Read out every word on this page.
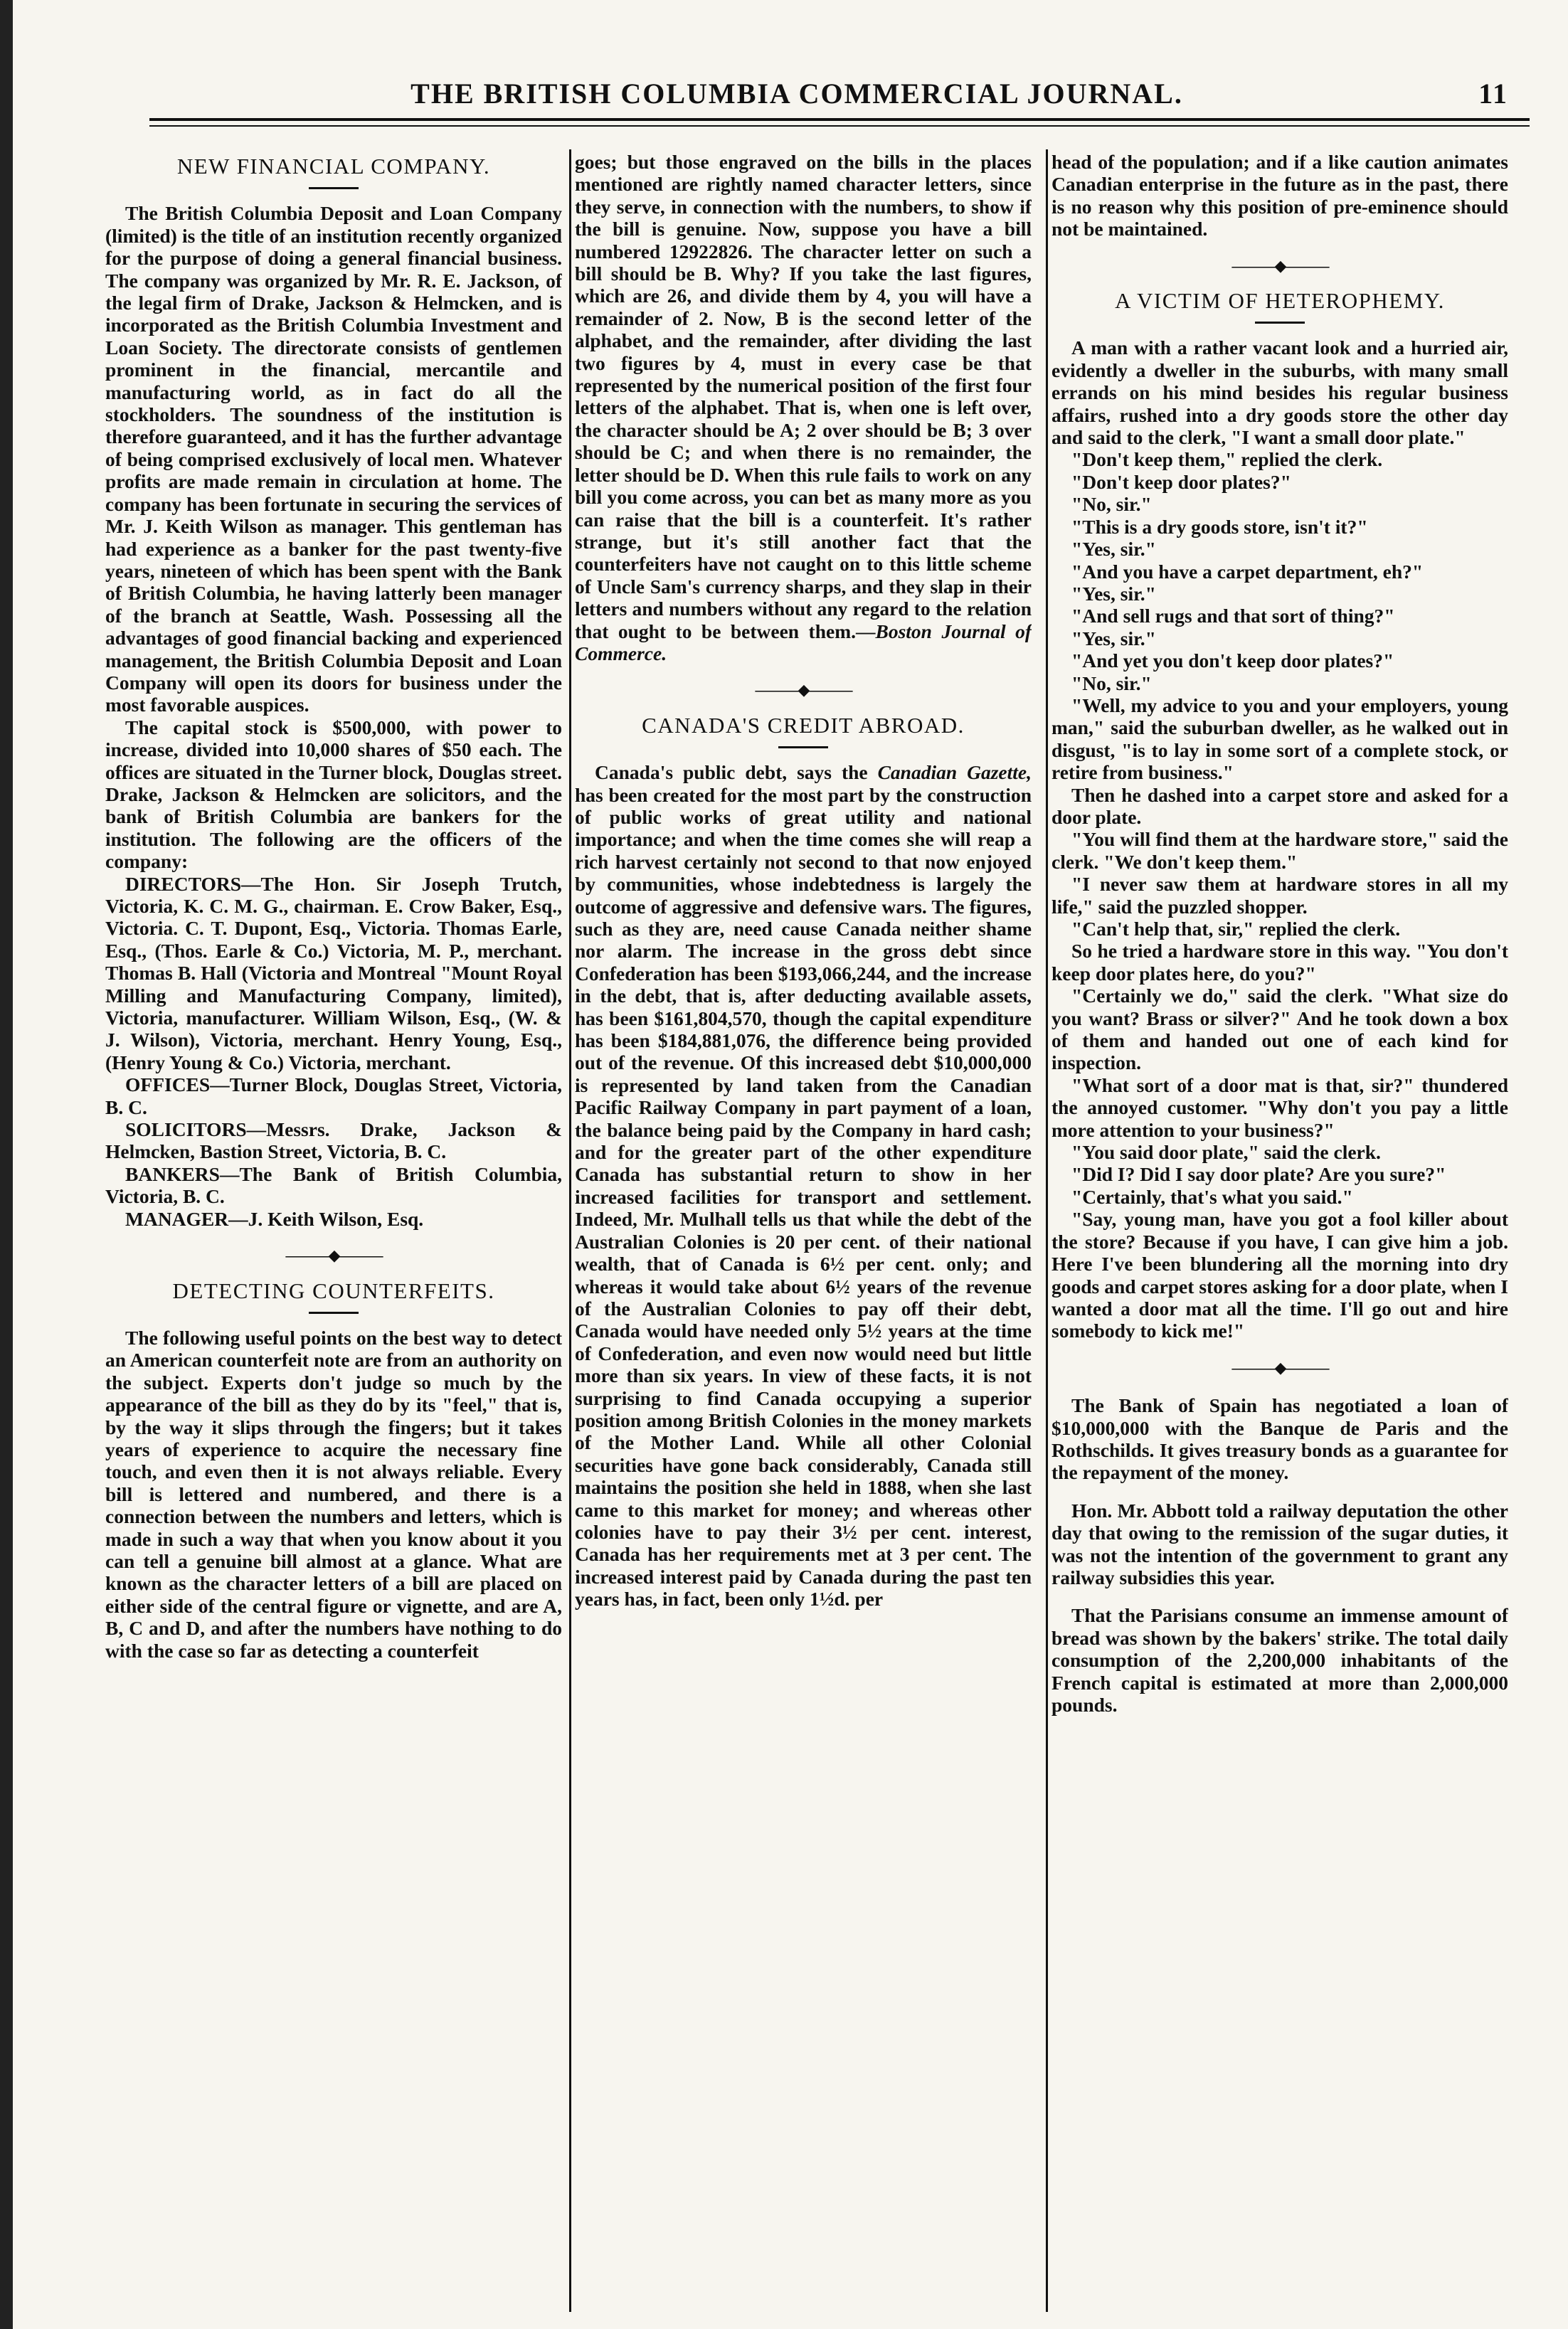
THE BRITISH COLUMBIA COMMERCIAL JOURNAL.	11
NEW FINANCIAL COMPANY.

The British Columbia Deposit and Loan Company (limited) is the title of an institution recently organized for the purpose of doing a general financial business. The company was organized by Mr. R. E. Jackson, of the legal firm of Drake, Jackson & Helmcken, and is incorporated as the British Columbia Investment and Loan Society. The directorate consists of gentlemen prominent in the financial, mercantile and manufacturing world, as in fact do all the stockholders. The soundness of the institution is therefore guaranteed, and it has the further advantage of being comprised exclusively of local men. Whatever profits are made remain in circulation at home. The company has been fortunate in securing the services of Mr. J. Keith Wilson as manager. This gentleman has had experience as a banker for the past twenty-five years, nineteen of which has been spent with the Bank of British Columbia, he having latterly been manager of the branch at Seattle, Wash. Possessing all the advantages of good financial backing and experienced management, the British Columbia Deposit and Loan Company will open its doors for business under the most favorable auspices.

The capital stock is $500,000, with power to increase, divided into 10,000 shares of $50 each. The offices are situated in the Turner block, Douglas street. Drake, Jackson & Helmcken are solicitors, and the bank of British Columbia are bankers for the institution. The following are the officers of the company:

DIRECTORS—The Hon. Sir Joseph Trutch, Victoria, K. C. M. G., chairman. E. Crow Baker, Esq., Victoria. C. T. Dupont, Esq., Victoria. Thomas Earle, Esq., (Thos. Earle & Co.) Victoria, M. P., merchant. Thomas B. Hall (Victoria and Montreal "Mount Royal Milling and Manufacturing Company, limited), Victoria, manufacturer. William Wilson, Esq., (W. & J. Wilson), Victoria, merchant. Henry Young, Esq., (Henry Young & Co.) Victoria, merchant.

OFFICES—Turner Block, Douglas Street, Victoria, B. C.

SOLICITORS—Messrs. Drake, Jackson & Helmcken, Bastion Street, Victoria, B. C.

BANKERS—The Bank of British Columbia, Victoria, B. C.

MANAGER—J. Keith Wilson, Esq.

———◆———
DETECTING COUNTERFEITS.

The following useful points on the best way to detect an American counterfeit note are from an authority on the subject. Experts don't judge so much by the appearance of the bill as they do by its "feel," that is, by the way it slips through the fingers; but it takes years of experience to acquire the necessary fine touch, and even then it is not always reliable. Every bill is lettered and numbered, and there is a connection between the numbers and letters, which is made in such a way that when you know about it you can tell a genuine bill almost at a glance. What are known as the character letters of a bill are placed on either side of the central figure or vignette, and are A, B, C and D, and after the numbers have nothing to do with the case so far as detecting a counterfeit

goes; but those engraved on the bills in the places mentioned are rightly named character letters, since they serve, in connection with the numbers, to show if the bill is genuine. Now, suppose you have a bill numbered 12922826. The character letter on such a bill should be B. Why? If you take the last figures, which are 26, and divide them by 4, you will have a remainder of 2. Now, B is the second letter of the alphabet, and the remainder, after dividing the last two figures by 4, must in every case be that represented by the numerical position of the first four letters of the alphabet. That is, when one is left over, the character should be A; 2 over should be B; 3 over should be C; and when there is no remainder, the letter should be D. When this rule fails to work on any bill you come across, you can bet as many more as you can raise that the bill is a counterfeit. It's rather strange, but it's still another fact that the counterfeiters have not caught on to this little scheme of Uncle Sam's currency sharps, and they slap in their letters and numbers without any regard to the relation that ought to be between them.—Boston Journal of Commerce.

———◆———
CANADA'S CREDIT ABROAD.

Canada's public debt, says the Canadian Gazette, has been created for the most part by the construction of public works of great utility and national importance; and when the time comes she will reap a rich harvest certainly not second to that now enjoyed by communities, whose indebtedness is largely the outcome of aggressive and defensive wars. The figures, such as they are, need cause Canada neither shame nor alarm. The increase in the gross debt since Confederation has been $193,066,244, and the increase in the debt, that is, after deducting available assets, has been $161,804,570, though the capital expenditure has been $184,881,076, the difference being provided out of the revenue. Of this increased debt $10,000,000 is represented by land taken from the Canadian Pacific Railway Company in part payment of a loan, the balance being paid by the Company in hard cash; and for the greater part of the other expenditure Canada has substantial return to show in her increased facilities for transport and settlement. Indeed, Mr. Mulhall tells us that while the debt of the Australian Colonies is 20 per cent. of their national wealth, that of Canada is 6½ per cent. only; and whereas it would take about 6½ years of the revenue of the Australian Colonies to pay off their debt, Canada would have needed only 5½ years at the time of Confederation, and even now would need but little more than six years. In view of these facts, it is not surprising to find Canada occupying a superior position among British Colonies in the money markets of the Mother Land. While all other Colonial securities have gone back considerably, Canada still maintains the position she held in 1888, when she last came to this market for money; and whereas other colonies have to pay their 3½ per cent. interest, Canada has her requirements met at 3 per cent. The increased interest paid by Canada during the past ten years has, in fact, been only 1½d. per

head of the population; and if a like caution animates Canadian enterprise in the future as in the past, there is no reason why this position of pre-eminence should not be maintained.

———◆———
A VICTIM OF HETEROPHEMY.

A man with a rather vacant look and a hurried air, evidently a dweller in the suburbs, with many small errands on his mind besides his regular business affairs, rushed into a dry goods store the other day and said to the clerk, "I want a small door plate."

"Don't keep them," replied the clerk.

"Don't keep door plates?"

"No, sir."

"This is a dry goods store, isn't it?"

"Yes, sir."

"And you have a carpet department, eh?"

"Yes, sir."

"And sell rugs and that sort of thing?"

"Yes, sir."

"And yet you don't keep door plates?"

"No, sir."

"Well, my advice to you and your employers, young man," said the suburban dweller, as he walked out in disgust, "is to lay in some sort of a complete stock, or retire from business."

Then he dashed into a carpet store and asked for a door plate.

"You will find them at the hardware store," said the clerk. "We don't keep them."

"I never saw them at hardware stores in all my life," said the puzzled shopper.

"Can't help that, sir," replied the clerk.

So he tried a hardware store in this way. "You don't keep door plates here, do you?"

"Certainly we do," said the clerk. "What size do you want? Brass or silver?" And he took down a box of them and handed out one of each kind for inspection.

"What sort of a door mat is that, sir?" thundered the annoyed customer. "Why don't you pay a little more attention to your business?"

"You said door plate," said the clerk.

"Did I? Did I say door plate? Are you sure?"

"Certainly, that's what you said."

"Say, young man, have you got a fool killer about the store? Because if you have, I can give him a job. Here I've been blundering all the morning into dry goods and carpet stores asking for a door plate, when I wanted a door mat all the time. I'll go out and hire somebody to kick me!"

———◆———

The Bank of Spain has negotiated a loan of $10,000,000 with the Banque de Paris and the Rothschilds. It gives treasury bonds as a guarantee for the repayment of the money.

Hon. Mr. Abbott told a railway deputation the other day that owing to the remission of the sugar duties, it was not the intention of the government to grant any railway subsidies this year.

That the Parisians consume an immense amount of bread was shown by the bakers' strike. The total daily consumption of the 2,200,000 inhabitants of the French capital is estimated at more than 2,000,000 pounds.
